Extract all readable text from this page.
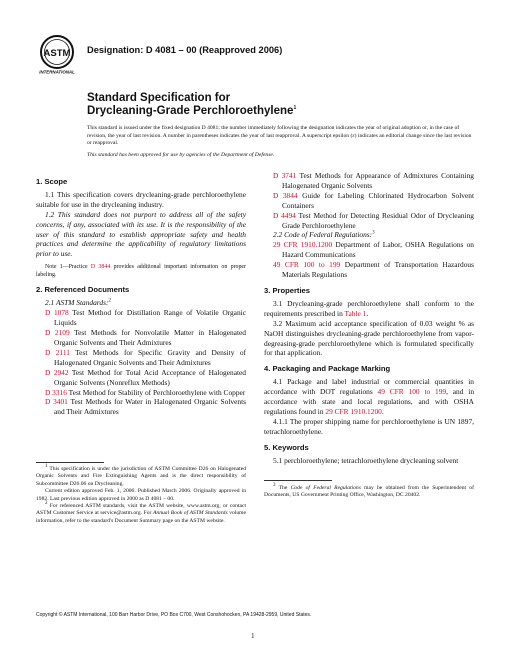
ASTM
INTERNATIONAL
Designation: D 4081 – 00 (Reapproved 2006)
Standard Specification for
Drycleaning-Grade Perchloroethylene$^1$

This standard is issued under the fixed designation D 4081; the number immediately following the designation indicates the year of original adoption or, in the case of revision, the year of last revision. A number in parentheses indicates the year of last reapproval. A superscript epsilon (ε) indicates an editorial change since the last revision or reapproval.

This standard has been approved for use by agencies of the Department of Defense.

1. Scope

1.1 This specification covers drycleaning-grade perchloroethylene suitable for use in the drycleaning industry.

1.2 This standard does not purport to address all of the safety concerns, if any, associated with its use. It is the responsibility of the user of this standard to establish appropriate safety and health practices and determine the applicability of regulatory limitations prior to use.

Note 1—Practice D 3844 provides additional important information on proper labeling.

2. Referenced Documents

2.1 ASTM Standards:$^2$

D 1078 Test Method for Distillation Range of Volatile Organic Liquids

D 2109 Test Methods for Nonvolatile Matter in Halogenated Organic Solvents and Their Admixtures

D 2111 Test Methods for Specific Gravity and Density of Halogenated Organic Solvents and Their Admixtures

D 2942 Test Method for Total Acid Acceptance of Halogenated Organic Solvents (Nonreflux Methods)

D 3316 Test Method for Stability of Perchloroethylene with Copper

D 3401 Test Methods for Water in Halogenated Organic Solvents and Their Admixtures

$^1$ This specification is under the jurisdiction of ASTM Committee D26 on Halogenated Organic Solvents and Fire Extinguishing Agents and is the direct responsibility of Subcommittee D26.06 on Drycleaning.

Current edition approved Feb. 1, 2006. Published March 2006. Originally approved in 1982. Last previous edition approved in 2000 as D 4081 – 00.

$^2$ For referenced ASTM standards, visit the ASTM website, www.astm.org, or contact ASTM Customer Service at service@astm.org. For Annual Book of ASTM Standards volume information, refer to the standard's Document Summary page on the ASTM website.

D 3741 Test Methods for Appearance of Admixtures Containing Halogenated Organic Solvents

D 3844 Guide for Labeling Chlorinated Hydrocarbon Solvent Containers

D 4494 Test Method for Detecting Residual Odor of Drycleaning Grade Perchloroethylene

2.2 Code of Federal Regulations:$^3$

29 CFR 1910.1200 Department of Labor, OSHA Regulations on Hazard Communications

49 CFR 100 to 199 Department of Transportation Hazardous Materials Regulations

3. Properties

3.1 Drycleaning-grade perchloroethylene shall conform to the requirements prescribed in Table 1.

3.2 Maximum acid acceptance specification of 0.03 weight % as NaOH distinguishes drycleaning-grade perchloroethylene from vapor-degreasing-grade perchloroethylene which is formulated specifically for that application.

4. Packaging and Package Marking

4.1 Package and label industrial or commercial quantities in accordance with DOT regulations 49 CFR 100 to 199, and in accordance with state and local regulations, and with OSHA regulations found in 29 CFR 1910.1200.

4.1.1 The proper shipping name for perchloroethylene is UN 1897, tetrachloroethylene.

5. Keywords

5.1 perchloroethylene; tetrachloroethylene drycleaning solvent

$^3$ The Code of Federal Regulations may be obtained from the Superintendent of Documents, US Government Printing Office, Washington, DC 20402.

Copyright © ASTM International, 100 Barr Harbor Drive, PO Box C700, West Conshohocken, PA 19428-2959, United States.
1
